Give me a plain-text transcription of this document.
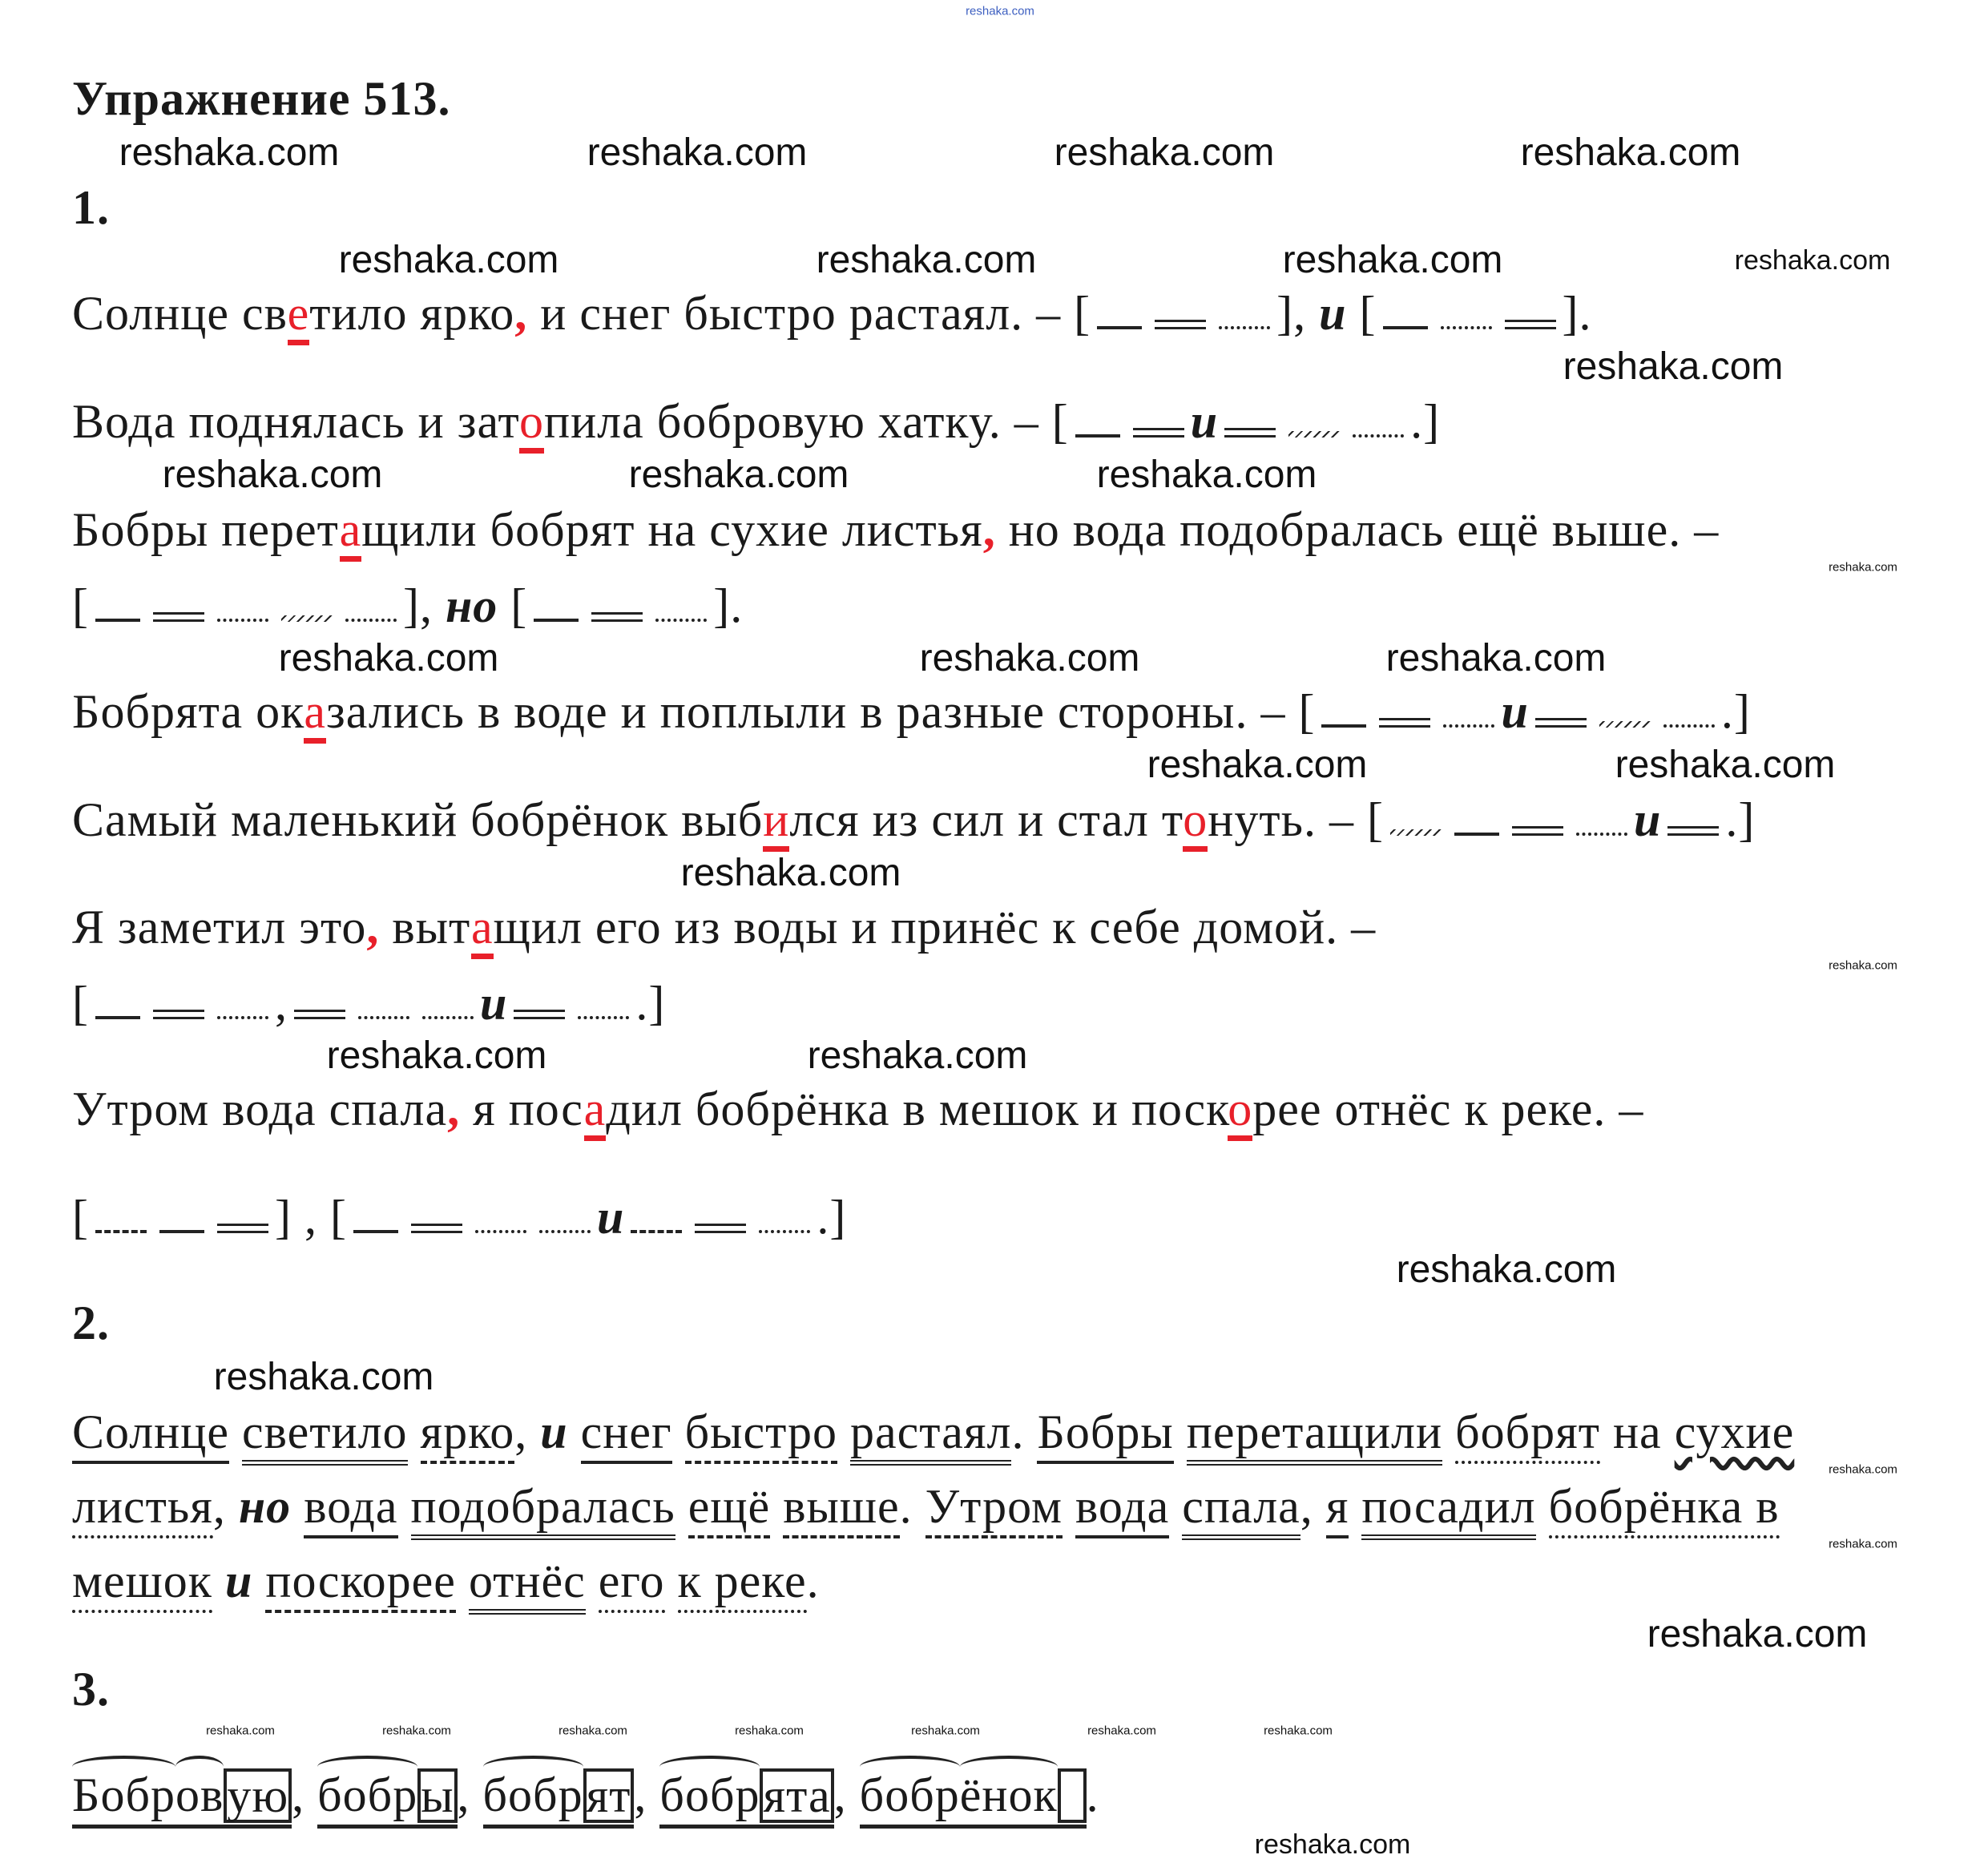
Упражнение 513.
1.
Солнце светило ярко, и снег быстро растаял. – [	], и [	].
Вода поднялась и затопила бобровую хатку. – [	и	.]
Бобры перетащили бобрят на сухие листья, но вода подобралась ещё выше. –
[	], но [	].
Бобрята оказались в воде и поплыли в разные стороны. – [	и	.]
Самый маленький бобрёнок выбился из сил и стал тонуть. – [	и .]
Я заметил это, вытащил его из воды и принёс к себе домой. –
[	,	и	.]
Утром вода спала, я посадил бобрёнка в мешок и поскорее отнёс к реке. –
[	] , [	и	.]
2.
Солнце светило ярко, и снег быстро растаял. Бобры перетащили бобрят на сухие
листья, но вода подобралась ещё выше. Утром вода спала, я посадил бобрёнка в
мешок и поскорее отнёс его к реке.
3.
Бобровую, бобры, бобрят, бобрята, бобрёнок .
reshaka.com
reshaka.com	reshaka.com	reshaka.com	reshaka.com
reshaka.com	reshaka.com	reshaka.com	reshaka.com
reshaka.com
reshaka.com	reshaka.com	reshaka.com
reshaka.com
reshaka.com
reshaka.com	reshaka.com	reshaka.com
reshaka.com	reshaka.com
reshaka.com
reshaka.com
reshaka.com
reshaka.com
reshaka.com
reshaka.com	reshaka.com
reshaka.com
reshaka.com
reshaka.com	reshaka.com	reshaka.com	reshaka.com	reshaka.com	reshaka.com	reshaka.com
